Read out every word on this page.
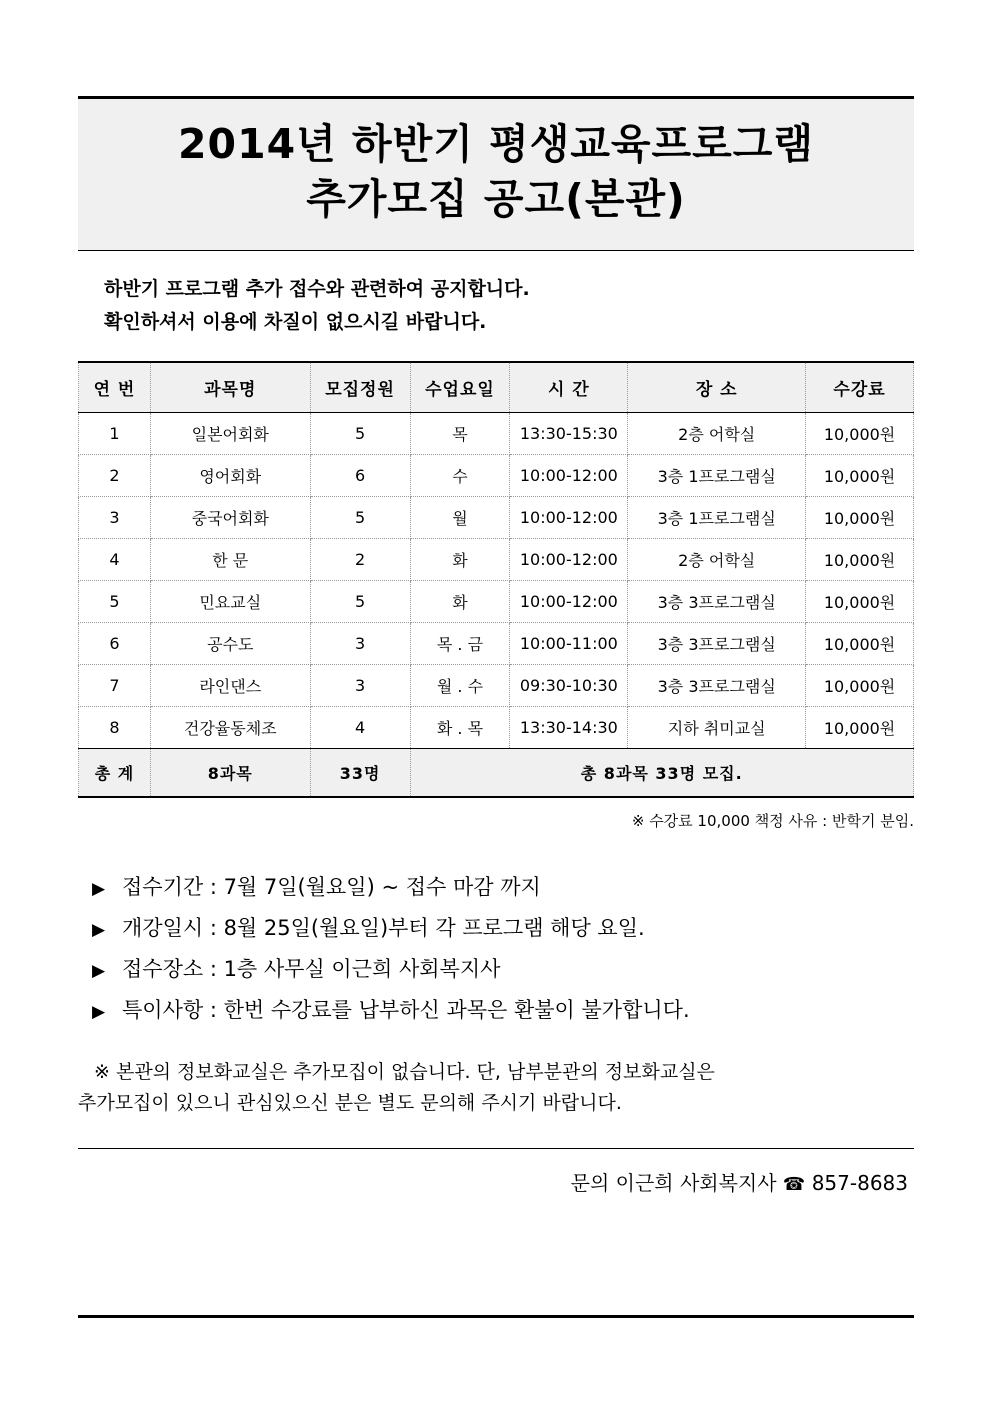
2014년 하반기 평생교육프로그램
추가모집 공고(본관)
하반기 프로그램 추가 접수와 관련하여 공지합니다.
확인하셔서 이용에 차질이 없으시길 바랍니다.
연 번	과목명	모집정원	수업요일	시 간	장 소	수강료
1	일본어회화	5	목	13:30-15:30	2층 어학실	10,000원
2	영어회화	6	수	10:00-12:00	3층 1프로그램실	10,000원
3	중국어회화	5	월	10:00-12:00	3층 1프로그램실	10,000원
4	한 문	2	화	10:00-12:00	2층 어학실	10,000원
5	민요교실	5	화	10:00-12:00	3층 3프로그램실	10,000원
6	공수도	3	목 . 금	10:00-11:00	3층 3프로그램실	10,000원
7	라인댄스	3	월 . 수	09:30-10:30	3층 3프로그램실	10,000원
8	건강율동체조	4	화 . 목	13:30-14:30	지하 취미교실	10,000원
총 계	8과목	33명	총 8과목 33명 모집.			
※ 수강료 10,000 책정 사유 : 반학기 분임.
▶ 접수기간 : 7월 7일(월요일) ~ 접수 마감 까지
▶ 개강일시 : 8월 25일(월요일)부터 각 프로그램 해당 요일.
▶ 접수장소 : 1층 사무실 이근희 사회복지사
▶ 특이사항 : 한번 수강료를 납부하신 과목은 환불이 불가합니다.
※ 본관의 정보화교실은 추가모집이 없습니다. 단, 남부분관의 정보화교실은
추가모집이 있으니 관심있으신 분은 별도 문의해 주시기 바랍니다.
문의 이근희 사회복지사 ☎ 857-8683
